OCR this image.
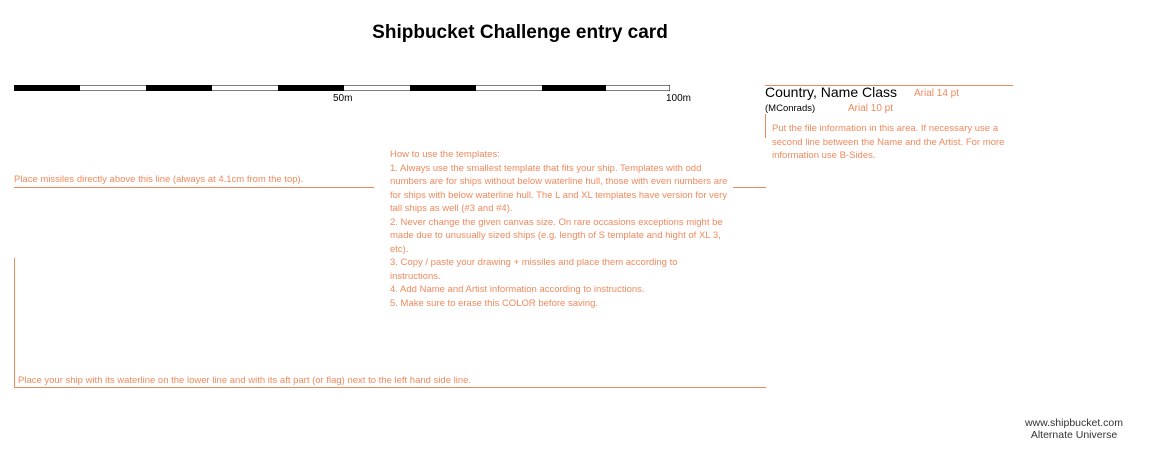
Shipbucket Challenge entry card
50m	100m	Country, Name Class Arial 14 pt
(MConrads)	Arial 10 pt
Put the file information in this area. If necessary use a second line between the Name and the Artist. For more information use B-Sides.
Place missiles directly above this line (always at 4.1cm from the top).
How to use the templates:
1. Always use the smallest template that fits your ship. Templates with odd numbers are for ships without below waterline hull, those with even numbers are for ships with below waterline hull. The L and XL templates have version for very tall ships as well (#3 and #4).
2. Never change the given canvas size. On rare occasions exceptions might be made due to unusually sized ships (e.g. length of S template and hight of XL 3, etc).
3. Copy / paste your drawing + missiles and place them according to instructions.
4. Add Name and Artist information according to instructions.
5. Make sure to erase this COLOR before saving.
Place your ship with its waterline on the lower line and with its aft part (or flag) next to the left hand side line.
www.shipbucket.com
Alternate Universe
